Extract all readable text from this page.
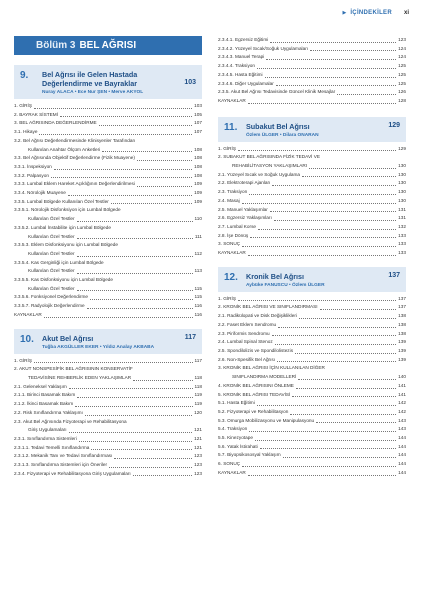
▶ İÇİNDEKİLER xi
Bölüm 3 BEL AĞRISI
9. Bel Ağrısı ile Gelen Hastada Değerlendirme ve Bayraklar	103
Nuray ALACA • Ece Nur ŞEN • Merve AKYOL
1. GİRİŞ	103
2. BAYRAK SİSTEMİ	105
3. BEL AĞRISINDA DEĞERLENDİRME	107
3.1. Hikaye	107
3.2. Bel Ağrısı Değerlendirmesinde Klinisyenler Tarafından
Kullanılan Anahtar Ölçüm Anketleri	108
3.3. Bel Ağrısında Objektif Değerlendirme (Fizik Muayene)	108
3.3.1. İnspeksiyon	108
3.3.2. Palpasyon	108
3.3.3. Lumbal Eklem Hareket Açıklığının Değerlendirilmesi	109
3.3.4. Nörolojik Muayene	109
3.3.5. Lumbal Bölgede Kullanılan Özel Testler	109
3.3.5.1. Nörolojik Disfonksiyon için Lumbal Bölgede
Kullanılan Özel Testler	110
3.3.5.2. Lumbal İnstabilite için Lumbal Bölgede
Kullanılan Özel Testler	111
3.3.5.3. Eklem Disfonksiyonu için Lumbal Bölgede
Kullanılan Özel Testler	112
3.3.5.4. Kas Gerginliği için Lumbal Bölgede
Kullanılan Özel Testler	113
3.3.5.5. Kas Disfonksiyonu için Lumbal Bölgede
Kullanılan Özel Testler	115
3.3.5.6. Fonksiyonel Değerlendirme	115
3.3.5.7. Radyolojik Değerlendirme	116
KAYNAKLAR	116
10. Akut Bel Ağrısı	117
Tuğba AKGÜLLER EKER • Yıldız Analay AKBABA
1. GİRİŞ	117
2. AKUT NONSPESİFİK BEL AĞRISININ KONSERVATİF
TEDAVİSİNE REHBERLİK EDEN YAKLAŞIMLAR	118
2.1. Geleneksel Yaklaşım	118
2.1.1. Birinci Basamak Bakım	119
2.1.2. İkinci Basamak Bakım	119
2.2. Risk Sınıflandırma Yaklaşımı	120
2.3. Akut Bel Ağrısında Fizyoterapi ve Rehabilitasyona
Giriş Uygulamaları	121
2.3.1. Sınıflandırma Sistemleri	121
2.3.1.1. Tedavi Temelli Sınıflandırma	121
2.3.1.2. Mekanik Tanı ve Tedavi Sınıflandırması	123
2.3.1.3. Sınıflandırma Sistemleri için Öneriler	123
2.3.4. Fizyoterapi ve Rehabilitasyona Giriş Uygulamaları	123
2.3.4.1. Egzersiz Eğitimi	123
2.3.4.2. Yüzeyel Sıcak/Soğuk Uygulamaları	124
2.3.4.3. Manuel Terapi	124
2.3.4.4. Traksiyon	125
2.3.4.5. Hasta Eğitimi	125
2.3.4.6. Diğer Uygulamalar	125
2.3.5. Akut Bel Ağrısı Tedavisinde Güncel Klinik Mesajlar	126
KAYNAKLAR	128
11. Subakut Bel Ağrısı	129
Özlem ÜLGER • Dilara ONARAN
1. GİRİŞ	129
2. SUBAKUT BEL AĞRISINDA FİZİK TEDAVİ VE
REHABİLİTASYON YAKLAŞIMLARI	130
2.1. Yüzeyel Sıcak ve Soğuk Uygulama	130
2.2. Elektroterapi Ajanları	130
2.3. Traksiyon	130
2.4. Masaj	130
2.5. Manuel Yaklaşımlar	131
2.6. Egzersiz Yaklaşımları	131
2.7. Lumbal Korse	132
2.8. İşe Dönüş	133
3. SONUÇ	133
KAYNAKLAR	133
12. Kronik Bel Ağrısı	137
Aybüke FANUSCU • Özlem ÜLGER
1. GİRİŞ	137
2. KRONİK BEL AĞRISI VE SINIFLANDIRMASI	137
2.1. Radikülopati ve Disk Değişiklikleri	138
2.2. Faset Eklem Sendromu	138
2.3. Piriformis Sendromu	138
2.4. Lumbal Spinal Stenoz	139
2.5. Spondilolizis ve Spondilolistezis	139
2.6. Non-Spesifik Bel Ağrısı	139
3. KRONİK BEL AĞRISI İÇİN KULLANILAN DİĞER
SINIFLANDIRMA MODELLERİ	140
4. KRONİK BEL AĞRISINI ÖNLEME	141
5. KRONİK BEL AĞRISI TEDAVİSİ	141
5.1. Hasta Eğitimi	142
5.2. Fizyoterapi ve Rehabilitasyon	142
5.3. Omurga Mobilizasyonu ve Manipulasyonu	143
5.4. Traksiyon	143
5.5. Kinezyotape	144
5.6. Yatak İstirahati	144
5.7. Biyopsikososyal Yaklaşım	144
6. SONUÇ	144
KAYNAKLAR	144
